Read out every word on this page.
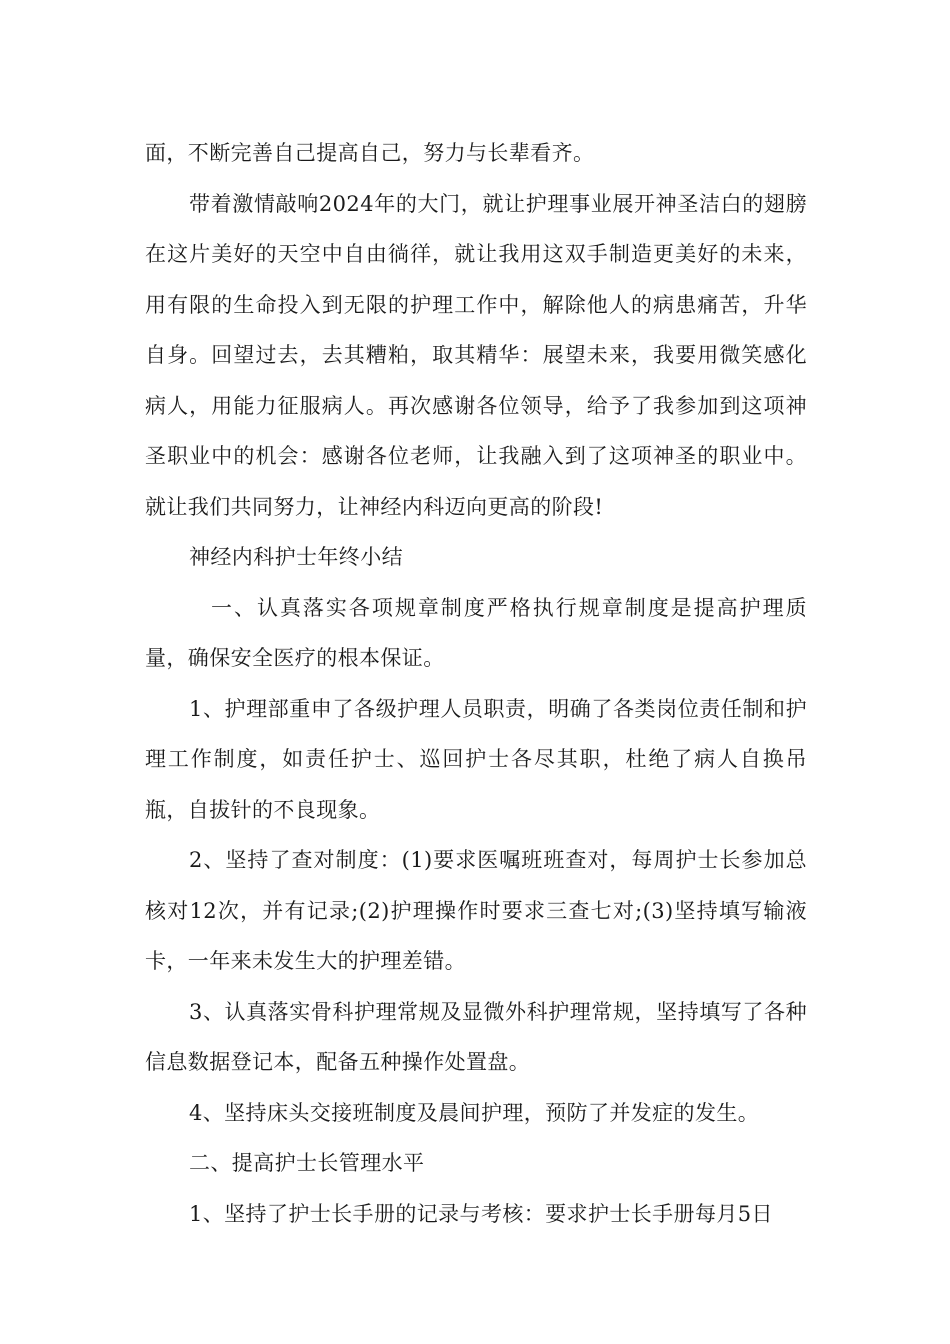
面，不断完善自己提高自己，努力与长辈看齐。

带着激情敲响2024年的大门，就让护理事业展开神圣洁白的翅膀在这片美好的天空中自由徜徉，就让我用这双手制造更美好的未来，用有限的生命投入到无限的护理工作中，解除他人的病患痛苦，升华自身。回望过去，去其糟粕，取其精华：展望未来，我要用微笑感化病人，用能力征服病人。再次感谢各位领导，给予了我参加到这项神圣职业中的机会：感谢各位老师，让我融入到了这项神圣的职业中。就让我们共同努力，让神经内科迈向更高的阶段!

神经内科护士年终小结

一、认真落实各项规章制度严格执行规章制度是提高护理质量，确保安全医疗的根本保证。

1、护理部重申了各级护理人员职责，明确了各类岗位责任制和护理工作制度，如责任护士、巡回护士各尽其职，杜绝了病人自换吊瓶，自拔针的不良现象。

2、坚持了查对制度：(1)要求医嘱班班查对，每周护士长参加总核对12次，并有记录;(2)护理操作时要求三查七对;(3)坚持填写输液卡，一年来未发生大的护理差错。

3、认真落实骨科护理常规及显微外科护理常规，坚持填写了各种信息数据登记本，配备五种操作处置盘。

4、坚持床头交接班制度及晨间护理，预防了并发症的发生。

二、提高护士长管理水平

1、坚持了护士长手册的记录与考核：要求护士长手册每月5日
